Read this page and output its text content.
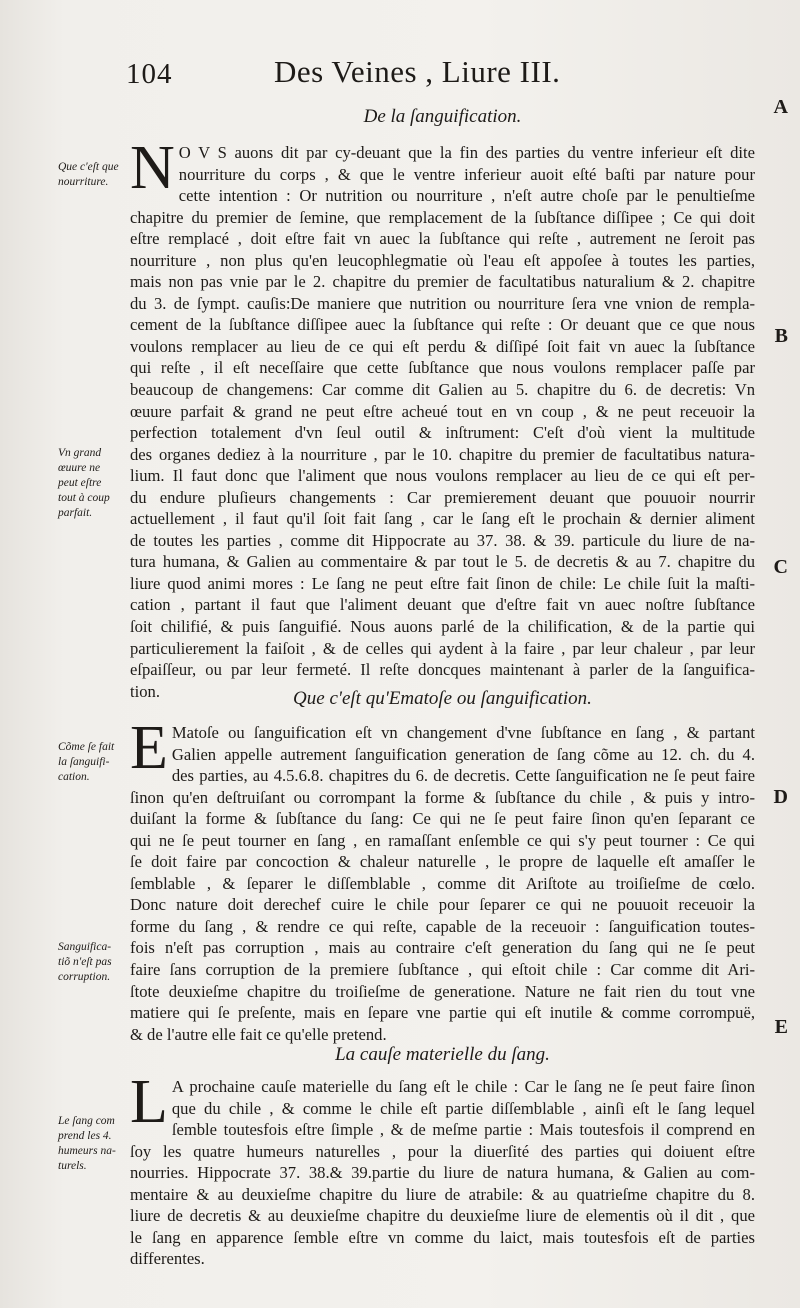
104	Des Veines , Liure III.
A
B
C
D
E
De la ſanguification.
Que c'eſt qu'Ematoſe ou ſanguification.
La cauſe materielle du ſang.
Que c'eſt que
nourriture.
Vn grand
œuure ne
peut eſtre
tout à coup
parfait.
Cõme ſe fait
la ſanguifi-
cation.
Sanguifica-
tiõ n'eſt pas
corruption.
Le ſang com
prend les 4.
humeurs na-
turels.
N O V S auons dit par cy-deuant que la fin des parties du ventre inferieur eſt dite
nourriture du corps , & que le ventre inferieur auoit eſté baſti par nature pour
cette intention : Or nutrition ou nourriture , n'eſt autre choſe par le penultieſme
chapitre du premier de ſemine, que remplacement de la ſubſtance diſſipee ; Ce qui doit
eſtre remplacé , doit eſtre fait vn auec la ſubſtance qui reſte , autrement ne ſeroit pas
nourriture , non plus qu'en leucophlegmatie où l'eau eſt appoſee à toutes les parties,
mais non pas vnie par le 2. chapitre du premier de facultatibus naturalium & 2. chapitre
du 3. de ſympt. cauſis:De maniere que nutrition ou nourriture ſera vne vnion de rempla-
cement de la ſubſtance diſſipee auec la ſubſtance qui reſte : Or deuant que ce que nous
voulons remplacer au lieu de ce qui eſt perdu & diſſipé ſoit fait vn auec la ſubſtance
qui reſte , il eſt neceſſaire que cette ſubſtance que nous voulons remplacer paſſe par
beaucoup de changemens: Car comme dit Galien au 5. chapitre du 6. de decretis: Vn
œuure parfait & grand ne peut eſtre acheué tout en vn coup , & ne peut receuoir la
perfection totalement d'vn ſeul outil & inſtrument: C'eſt d'où vient la multitude
des organes dediez à la nourriture , par le 10. chapitre du premier de facultatibus natura-
lium. Il faut donc que l'aliment que nous voulons remplacer au lieu de ce qui eſt per-
du endure pluſieurs changements : Car premierement deuant que pouuoir nourrir
actuellement , il faut qu'il ſoit fait ſang , car le ſang eſt le prochain & dernier aliment
de toutes les parties , comme dit Hippocrate au 37. 38. & 39. particule du liure de na-
tura humana, & Galien au commentaire & par tout le 5. de decretis & au 7. chapitre du
liure quod animi mores : Le ſang ne peut eſtre fait ſinon de chile: Le chile ſuit la maſti-
cation , partant il faut que l'aliment deuant que d'eſtre fait vn auec noſtre ſubſtance
ſoit chilifié, & puis ſanguifié. Nous auons parlé de la chilification, & de la partie qui
particulierement la faiſoit , & de celles qui aydent à la faire , par leur chaleur , par leur
eſpaiſſeur, ou par leur fermeté. Il reſte doncques maintenant à parler de la ſanguifica-
tion.
E Matoſe ou ſanguification eſt vn changement d'vne ſubſtance en ſang , & partant
Galien appelle autrement ſanguification generation de ſang cõme au 12. ch. du 4.
des parties, au 4.5.6.8. chapitres du 6. de decretis. Cette ſanguification ne ſe peut faire
ſinon qu'en deſtruiſant ou corrompant la forme & ſubſtance du chile , & puis y intro-
duiſant la forme & ſubſtance du ſang: Ce qui ne ſe peut faire ſinon qu'en ſeparant ce
qui ne ſe peut tourner en ſang , en ramaſſant enſemble ce qui s'y peut tourner : Ce qui
ſe doit faire par concoction & chaleur naturelle , le propre de laquelle eſt amaſſer le
ſemblable , & ſeparer le diſſemblable , comme dit Ariſtote au troiſieſme de cœlo.
Donc nature doit derechef cuire le chile pour ſeparer ce qui ne pouuoit receuoir la
forme du ſang , & rendre ce qui reſte, capable de la receuoir : ſanguification toutes-
fois n'eſt pas corruption , mais au contraire c'eſt generation du ſang qui ne ſe peut
faire ſans corruption de la premiere ſubſtance , qui eſtoit chile : Car comme dit Ari-
ſtote deuxieſme chapitre du troiſieſme de generatione. Nature ne fait rien du tout vne
matiere qui ſe preſente, mais en ſepare vne partie qui eſt inutile & comme corrompuë,
& de l'autre elle fait ce qu'elle pretend.
L A prochaine cauſe materielle du ſang eſt le chile : Car le ſang ne ſe peut faire ſinon
que du chile , & comme le chile eſt partie diſſemblable , ainſi eſt le ſang lequel
ſemble toutesfois eſtre ſimple , & de meſme partie : Mais toutesfois il comprend en
ſoy les quatre humeurs naturelles , pour la diuerſité des parties qui doiuent eſtre
nourries. Hippocrate 37. 38.& 39.partie du liure de natura humana, & Galien au com-
mentaire & au deuxieſme chapitre du liure de atrabile: & au quatrieſme chapitre du 8.
liure de decretis & au deuxieſme chapitre du deuxieſme liure de elementis où il dit , que
le ſang en apparence ſemble eſtre vn comme du laict, mais toutesfois eſt de parties
differentes.
